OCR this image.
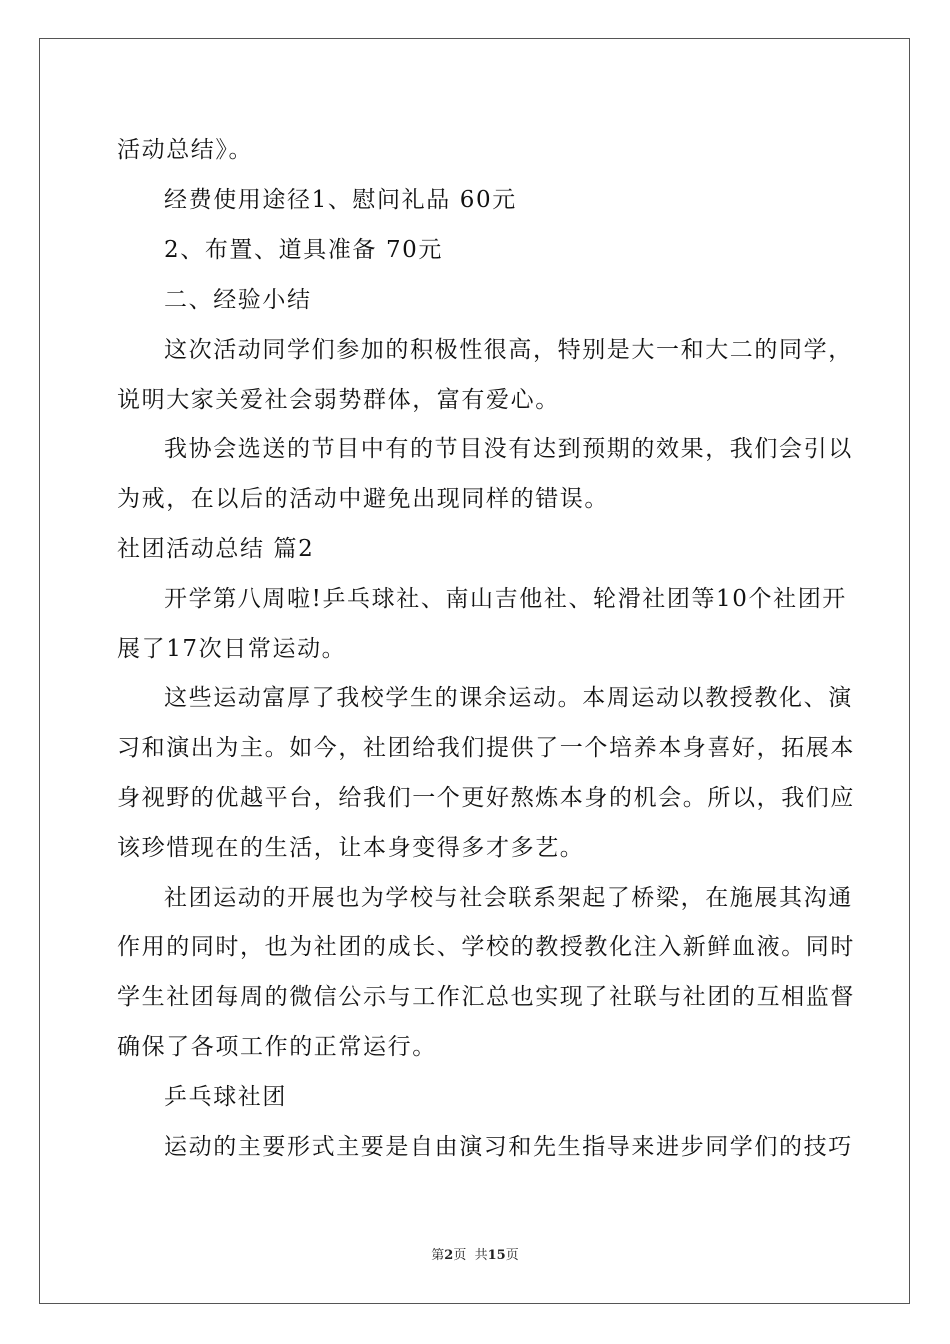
活动总结》。
经费使用途径1、慰问礼品 60元
2、布置、道具准备 70元
二、经验小结
这次活动同学们参加的积极性很高，特别是大一和大二的同学，
说明大家关爱社会弱势群体，富有爱心。
我协会选送的节目中有的节目没有达到预期的效果，我们会引以
为戒，在以后的活动中避免出现同样的错误。
社团活动总结 篇2
开学第八周啦!乒乓球社、南山吉他社、轮滑社团等10个社团开
展了17次日常运动。
这些运动富厚了我校学生的课余运动。本周运动以教授教化、演
习和演出为主。如今，社团给我们提供了一个培养本身喜好，拓展本
身视野的优越平台，给我们一个更好熬炼本身的机会。所以，我们应
该珍惜现在的生活，让本身变得多才多艺。
社团运动的开展也为学校与社会联系架起了桥梁，在施展其沟通
作用的同时，也为社团的成长、学校的教授教化注入新鲜血液。同时
学生社团每周的微信公示与工作汇总也实现了社联与社团的互相监督
确保了各项工作的正常运行。
乒乓球社团
运动的主要形式主要是自由演习和先生指导来进步同学们的技巧
第2页  共15页
